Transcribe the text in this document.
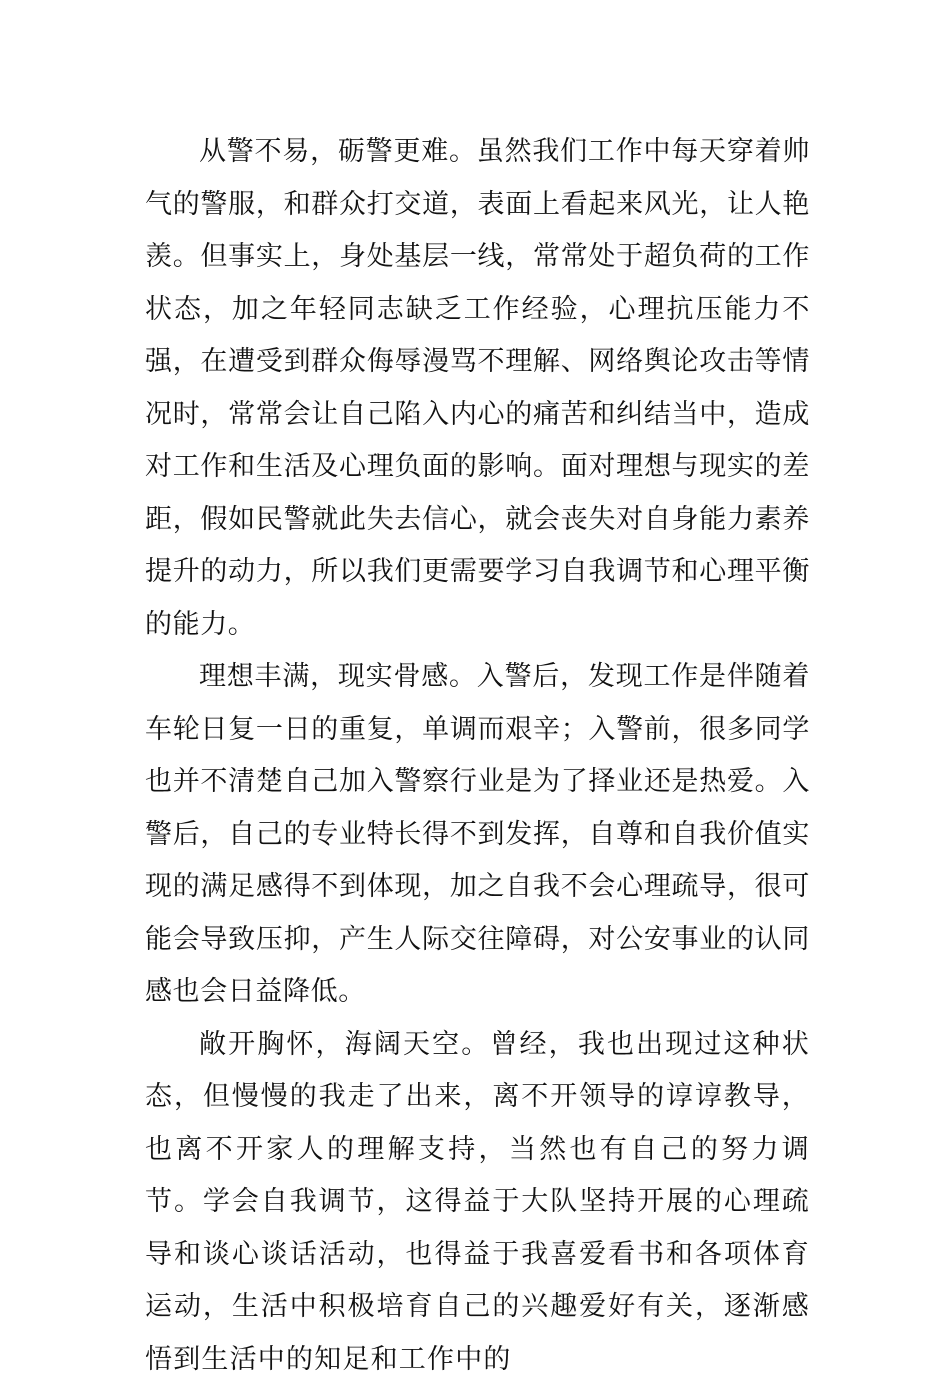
从警不易，砺警更难。虽然我们工作中每天穿着帅气的警服，和群众打交道，表面上看起来风光，让人艳羡。但事实上，身处基层一线，常常处于超负荷的工作状态，加之年轻同志缺乏工作经验，心理抗压能力不强，在遭受到群众侮辱漫骂不理解、网络舆论攻击等情况时，常常会让自己陷入内心的痛苦和纠结当中，造成对工作和生活及心理负面的影响。面对理想与现实的差距，假如民警就此失去信心，就会丧失对自身能力素养提升的动力，所以我们更需要学习自我调节和心理平衡的能力。

理想丰满，现实骨感。入警后，发现工作是伴随着车轮日复一日的重复，单调而艰辛；入警前，很多同学也并不清楚自己加入警察行业是为了择业还是热爱。入警后，自己的专业特长得不到发挥，自尊和自我价值实现的满足感得不到体现，加之自我不会心理疏导，很可能会导致压抑，产生人际交往障碍，对公安事业的认同感也会日益降低。

敞开胸怀，海阔天空。曾经，我也出现过这种状态，但慢慢的我走了出来，离不开领导的谆谆教导，也离不开家人的理解支持，当然也有自己的努力调节。学会自我调节，这得益于大队坚持开展的心理疏导和谈心谈话活动，也得益于我喜爱看书和各项体育运动，生活中积极培育自己的兴趣爱好有关，逐渐感悟到生活中的知足和工作中的
